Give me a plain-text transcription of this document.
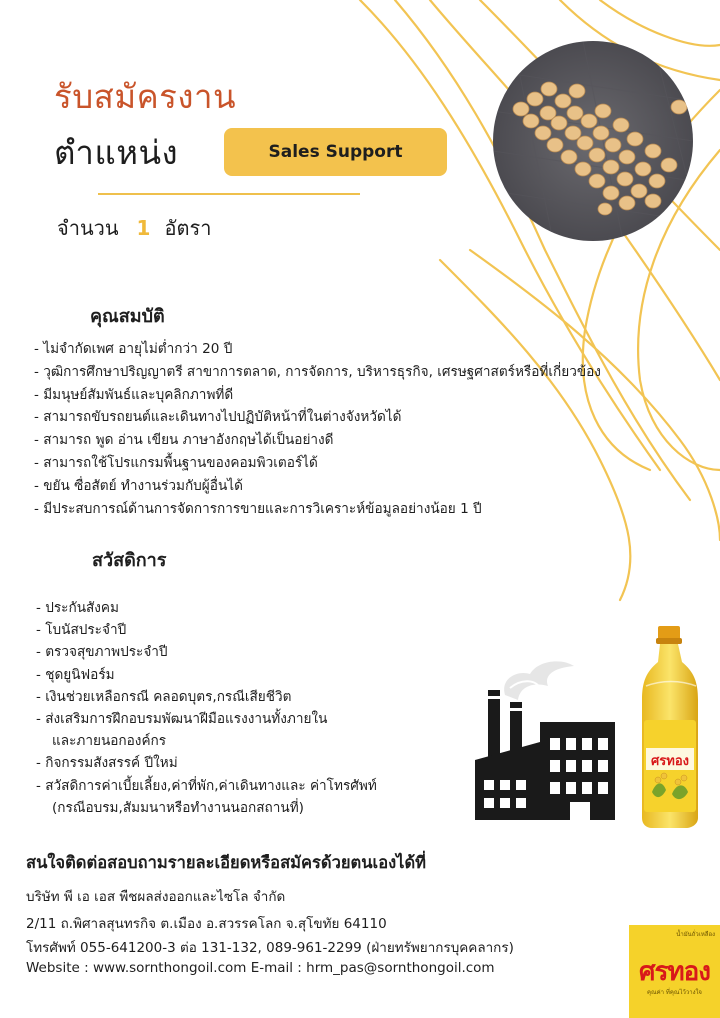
รับสมัครงาน
ตำแหน่ง	Sales Support
จำนวน 1 อัตรา
คุณสมบัติ
- ไม่จำกัดเพศ อายุไม่ต่ำกว่า 20 ปี
- วุฒิการศึกษาปริญญาตรี สาขาการตลาด, การจัดการ, บริหารธุรกิจ, เศรษฐศาสตร์หรือที่เกี่ยวข้อง
- มีมนุษย์สัมพันธ์และบุคลิกภาพที่ดี
- สามารถขับรถยนต์และเดินทางไปปฏิบัติหน้าที่ในต่างจังหวัดได้
- สามารถ พูด อ่าน เขียน ภาษาอังกฤษได้เป็นอย่างดี
- สามารถใช้โปรแกรมพื้นฐานของคอมพิวเตอร์ได้
- ขยัน ซื่อสัตย์ ทำงานร่วมกับผู้อื่นได้
- มีประสบการณ์ด้านการจัดการการขายและการวิเคราะห์ข้อมูลอย่างน้อย 1 ปี
สวัสดิการ
- ประกันสังคม
- โบนัสประจำปี
- ตรวจสุขภาพประจำปี
- ชุดยูนิฟอร์ม
- เงินช่วยเหลือกรณี คลอดบุตร,กรณีเสียชีวิต
- ส่งเสริมการฝึกอบรมพัฒนาฝีมือแรงงานทั้งภายใน
และภายนอกองค์กร
- กิจกรรมสังสรรค์ ปีใหม่
- สวัสดิการค่าเบี้ยเลี้ยง,ค่าที่พัก,ค่าเดินทางและ ค่าโทรศัพท์
(กรณีอบรม,สัมมนาหรือทำงานนอกสถานที่)
ศรทอง
สนใจติดต่อสอบถามรายละเอียดหรือสมัครด้วยตนเองได้ที่
บริษัท พี เอ เอส พืชผลส่งออกและไซโล จำกัด
2/11 ถ.พิศาลสุนทรกิจ ต.เมือง อ.สวรรคโลก จ.สุโขทัย 64110
โทรศัพท์ 055-641200-3 ต่อ 131-132, 089-961-2299 (ฝ่ายทรัพยากรบุคคลากร)
Website : www.sornthongoil.com E-mail : hrm_pas@sornthongoil.com
น้ำมันถั่วเหลือง
ศรทอง
คุณค่า ที่คุณไว้วางใจ
